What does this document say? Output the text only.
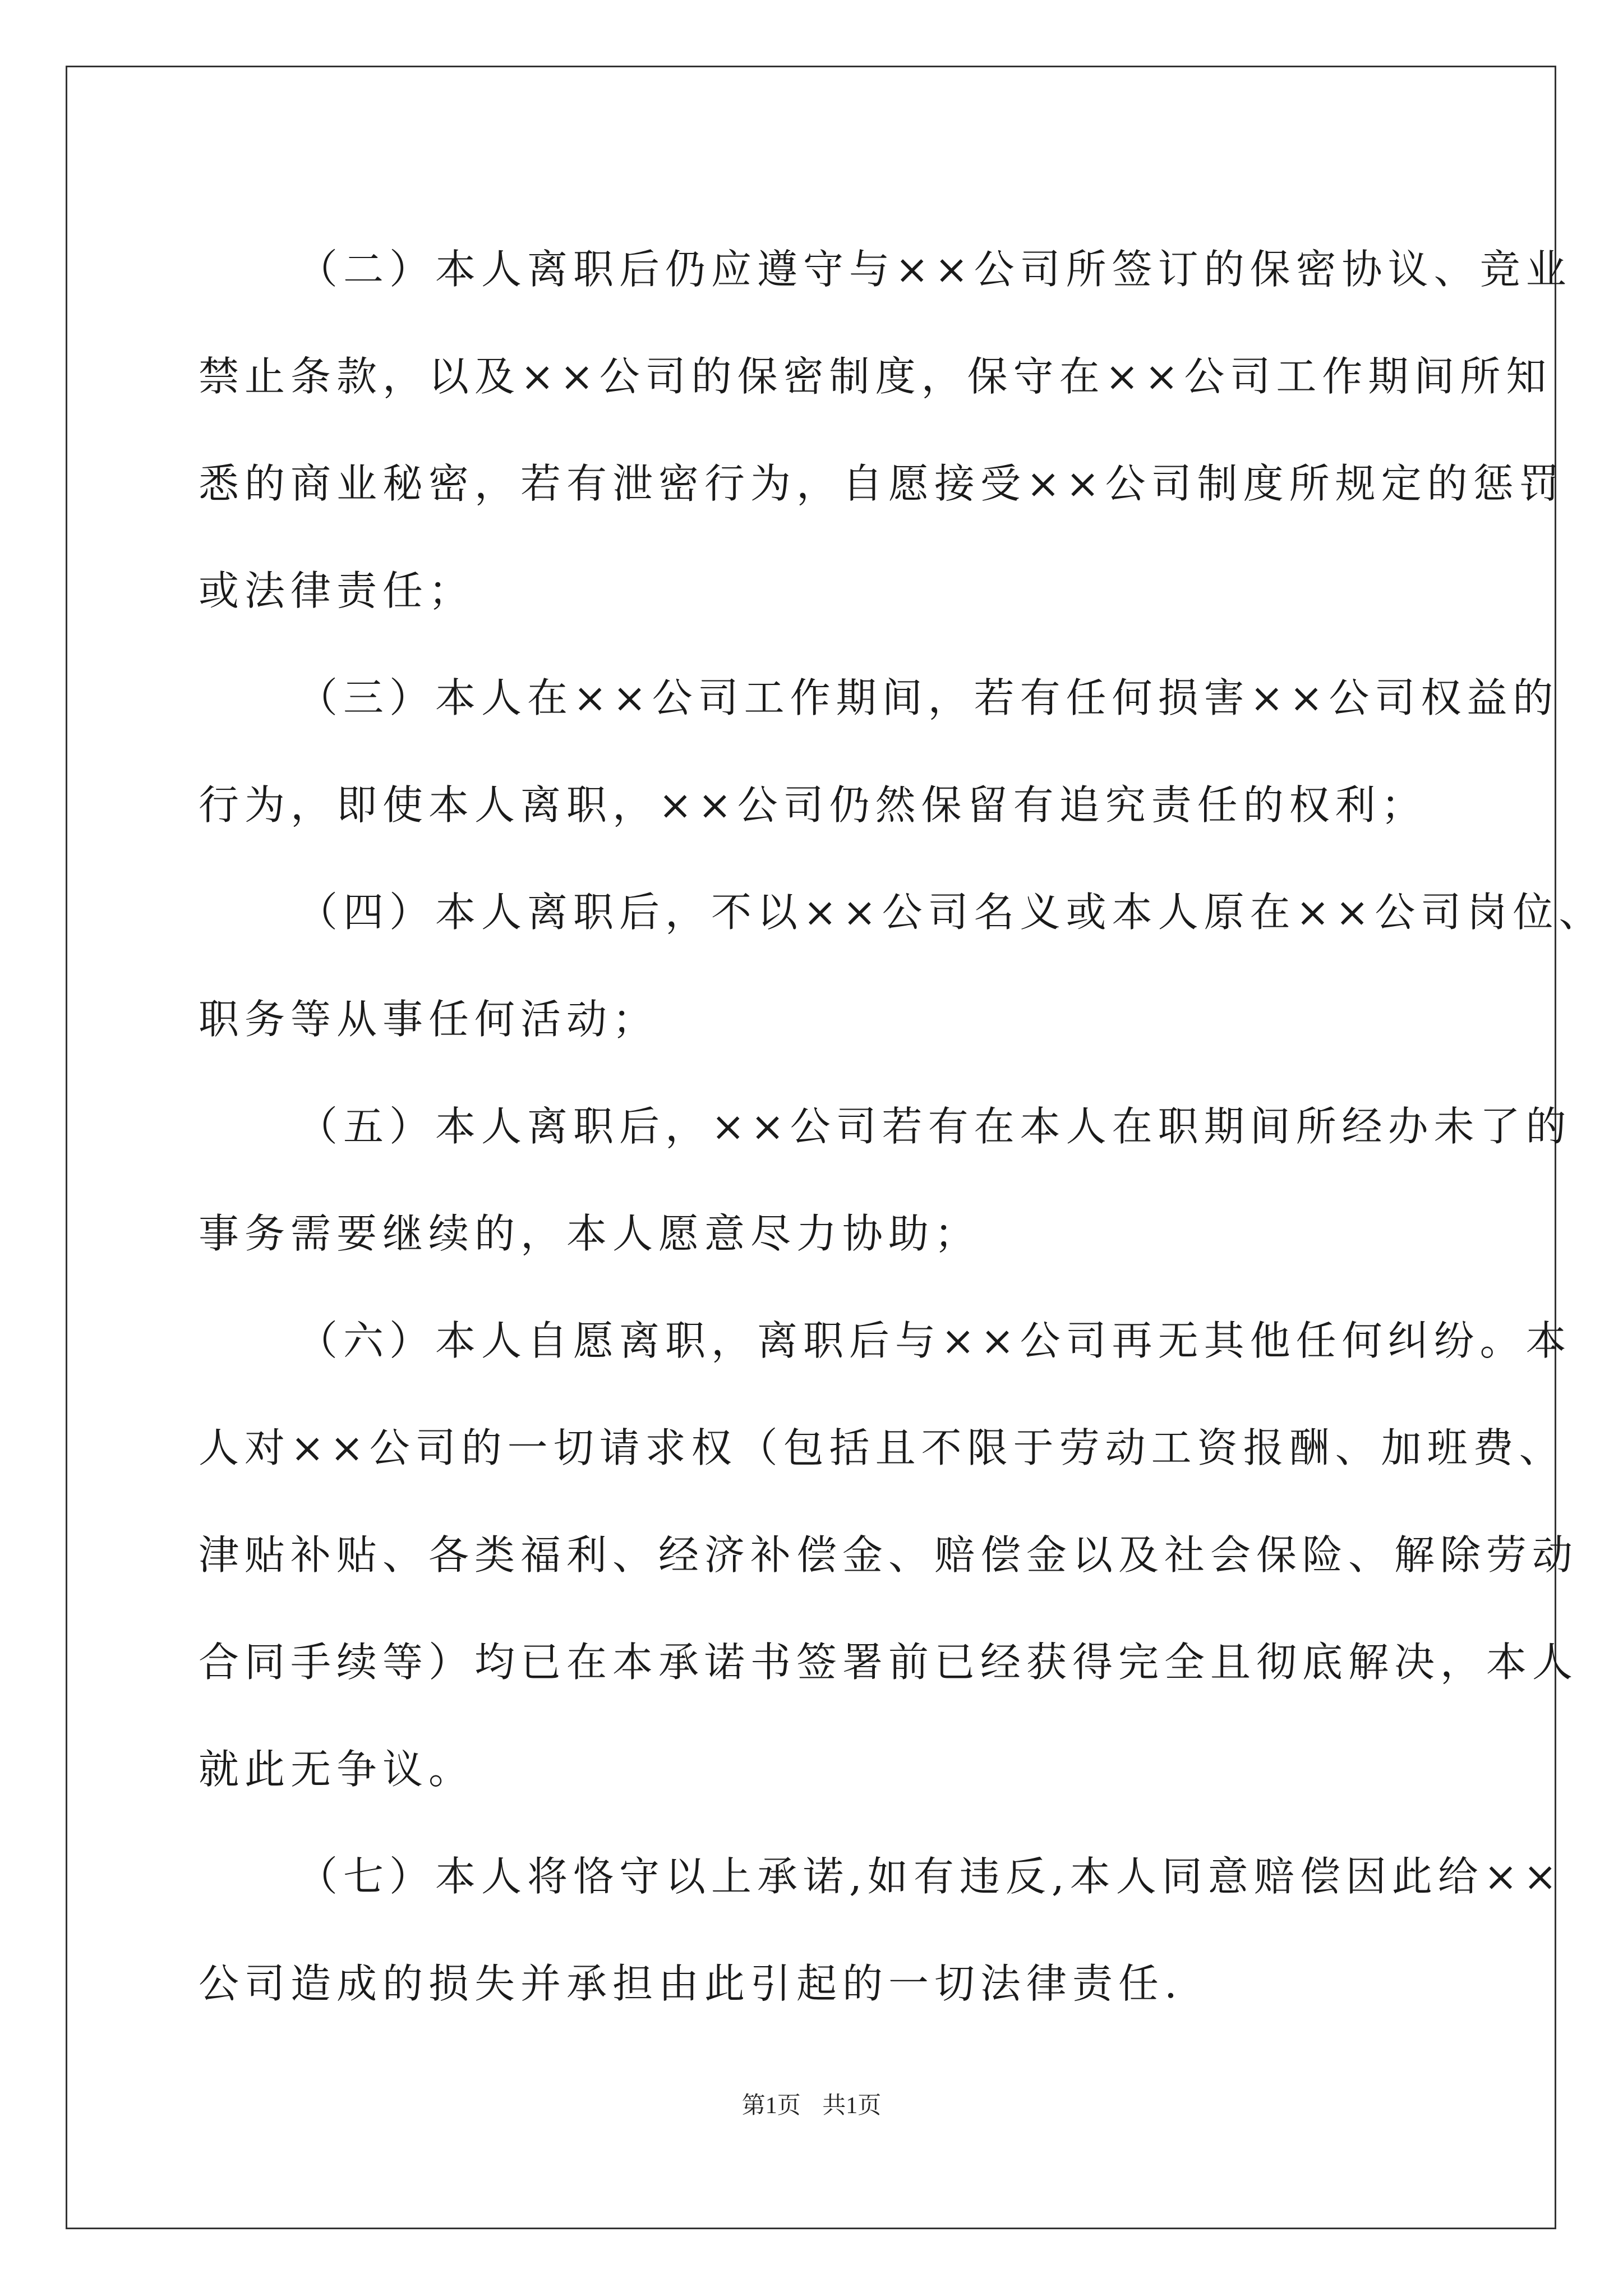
（二）本人离职后仍应遵守与××公司所签订的保密协议、竞业
禁止条款，以及××公司的保密制度，保守在××公司工作期间所知
悉的商业秘密，若有泄密行为，自愿接受××公司制度所规定的惩罚
或法律责任；

（三）本人在××公司工作期间，若有任何损害××公司权益的
行为，即使本人离职，××公司仍然保留有追究责任的权利；

（四）本人离职后，不以××公司名义或本人原在××公司岗位、
职务等从事任何活动；

（五）本人离职后，××公司若有在本人在职期间所经办未了的
事务需要继续的，本人愿意尽力协助；

（六）本人自愿离职，离职后与××公司再无其他任何纠纷。本
人对××公司的一切请求权（包括且不限于劳动工资报酬、加班费、
津贴补贴、各类福利、经济补偿金、赔偿金以及社会保险、解除劳动
合同手续等）均已在本承诺书签署前已经获得完全且彻底解决，本人
就此无争议。

（七）本人将恪守以上承诺,如有违反,本人同意赔偿因此给××
公司造成的损失并承担由此引起的一切法律责任.

第1页 共1页
